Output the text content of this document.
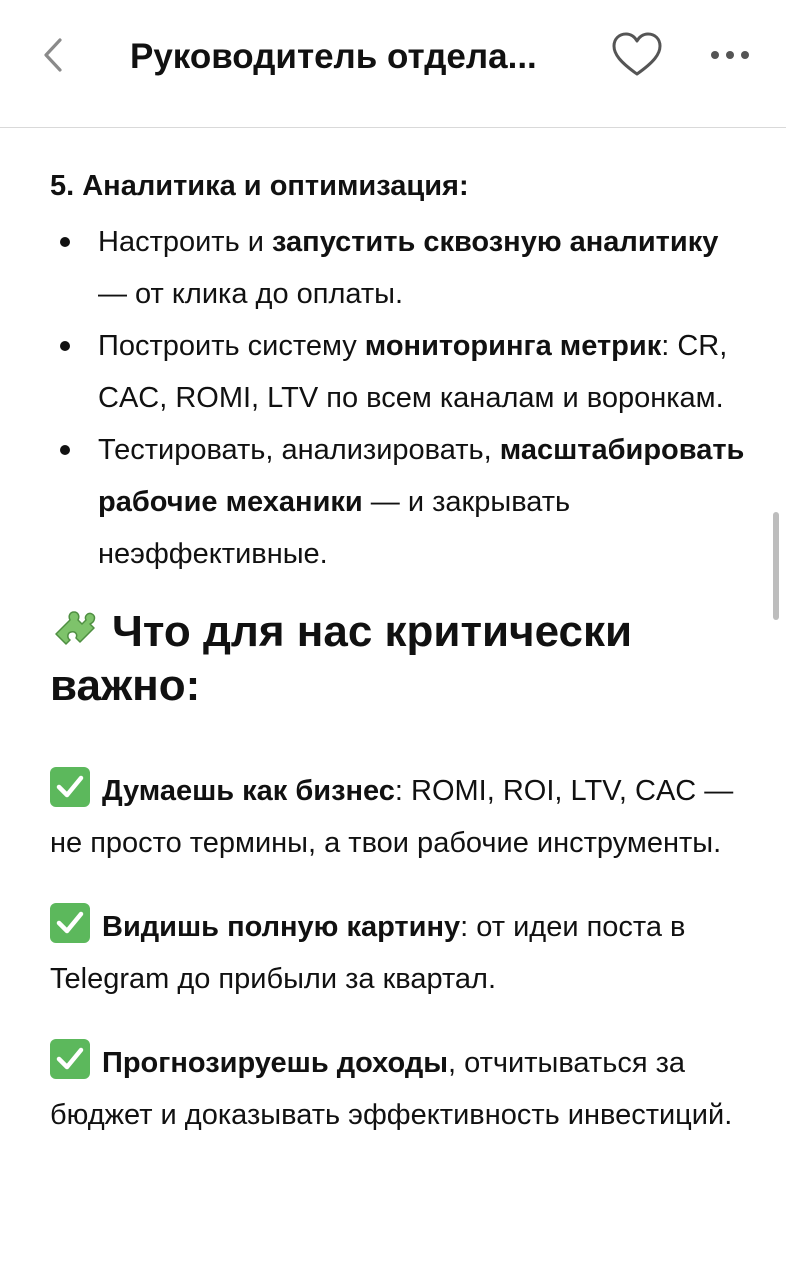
Руководитель отдела...
5. Аналитика и оптимизация:
Настроить и запустить сквозную аналитику — от клика до оплаты.
Построить систему мониторинга метрик: CR, CAC, ROMI, LTV по всем каналам и воронкам.
Тестировать, анализировать, масштабировать рабочие механики — и закрывать неэффективные.
Что для нас критически важно:

Думаешь как бизнес: ROMI, ROI, LTV, CAC — не просто термины, а твои рабочие инструменты.

Видишь полную картину: от идеи поста в Telegram до прибыли за квартал.

Прогнозируешь доходы, отчитываться за бюджет и доказывать эффективность инвестиций.
